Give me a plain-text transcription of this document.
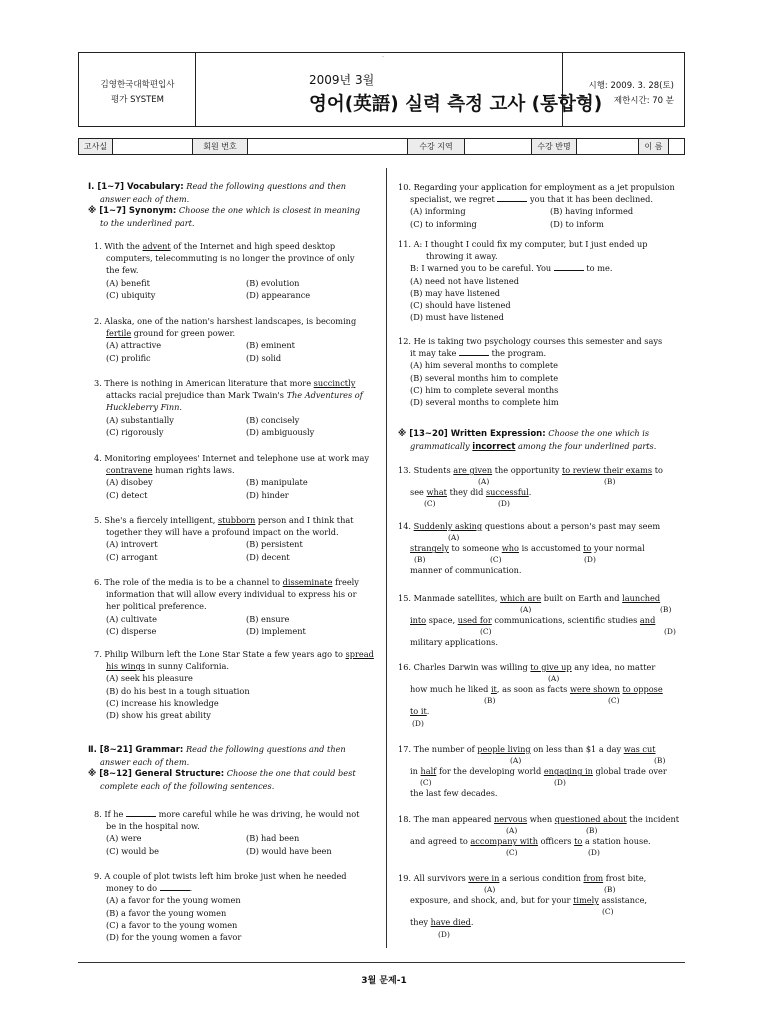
.
김영한국대학편입사
평가 SYSTEM
2009년 3월
영어(英語) 실력 측정 고사 (통합형)
시행: 2009. 3. 28(토)
제한시간: 70 분
고사실	회원 번호	수강 지역	수강 반명	이 름
Ⅰ. [1~7] Vocabulary: Read the following questions and then
answer each of them.
※ [1~7] Synonym: Choose the one which is closest in meaning
to the underlined part.
1. With the advent of the Internet and high speed desktop
computers, telecommuting is no longer the province of only
the few.
(A) benefit	(B) evolution
(C) ubiquity	(D) appearance
2. Alaska, one of the nation's harshest landscapes, is becoming
fertile ground for green power.
(A) attractive	(B) eminent
(C) prolific	(D) solid
3. There is nothing in American literature that more succinctly
attacks racial prejudice than Mark Twain's The Adventures of
Huckleberry Finn.
(A) substantially	(B) concisely
(C) rigorously	(D) ambiguously
4. Monitoring employees' Internet and telephone use at work may
contravene human rights laws.
(A) disobey	(B) manipulate
(C) detect	(D) hinder
5. She's a fiercely intelligent, stubborn person and I think that
together they will have a profound impact on the world.
(A) introvert	(B) persistent
(C) arrogant	(D) decent
6. The role of the media is to be a channel to disseminate freely
information that will allow every individual to express his or
her political preference.
(A) cultivate	(B) ensure
(C) disperse	(D) implement
7. Philip Wilburn left the Lone Star State a few years ago to spread
his wings in sunny California.
(A) seek his pleasure
(B) do his best in a tough situation
(C) increase his knowledge
(D) show his great ability
Ⅱ. [8~21] Grammar: Read the following questions and then
answer each of them.
※ [8~12] General Structure: Choose the one that could best
complete each of the following sentences.
8. If he	more careful while he was driving, he would not
be in the hospital now.
(A) were	(B) had been
(C) would be	(D) would have been
9. A couple of plot twists left him broke just when he needed
money to do	.
(A) a favor for the young women
(B) a favor the young women
(C) a favor to the young women
(D) for the young women a favor
10. Regarding your application for employment as a jet propulsion
specialist, we regret	you that it has been declined.
(A) informing	(B) having informed
(C) to informing	(D) to inform
11. A: I thought I could fix my computer, but I just ended up
throwing it away.
B: I warned you to be careful. You	to me.
(A) need not have listened
(B) may have listened
(C) should have listened
(D) must have listened
12. He is taking two psychology courses this semester and says
it may take	the program.
(A) him several months to complete
(B) several months him to complete
(C) him to complete several months
(D) several months to complete him
※ [13~20] Written Expression: Choose the one which is
grammatically incorrect among the four underlined parts.
13. Students are given the opportunity to review their exams to
(A)	(B)
see what they did successful.
(C)	(D)
14. Suddenly asking questions about a person's past may seem
(A)
strangely to someone who is accustomed to your normal
(B)	(C)	(D)
manner of communication.
15. Manmade satellites, which are built on Earth and launched
(A)	(B)
into space, used for communications, scientific studies and
(C)	(D)
military applications.
16. Charles Darwin was willing to give up any idea, no matter
(A)
how much he liked it, as soon as facts were shown to oppose
(B)	(C)
to it.
(D)
17. The number of people living on less than $1 a day was cut
(A)	(B)
in half for the developing world engaging in global trade over
(C)	(D)
the last few decades.
18. The man appeared nervous when questioned about the incident
(A)	(B)
and agreed to accompany with officers to a station house.
(C)	(D)
19. All survivors were in a serious condition from frost bite,
(A)	(B)
exposure, and shock, and, but for your timely assistance,
(C)
they have died.
(D)
3월 문제-1
